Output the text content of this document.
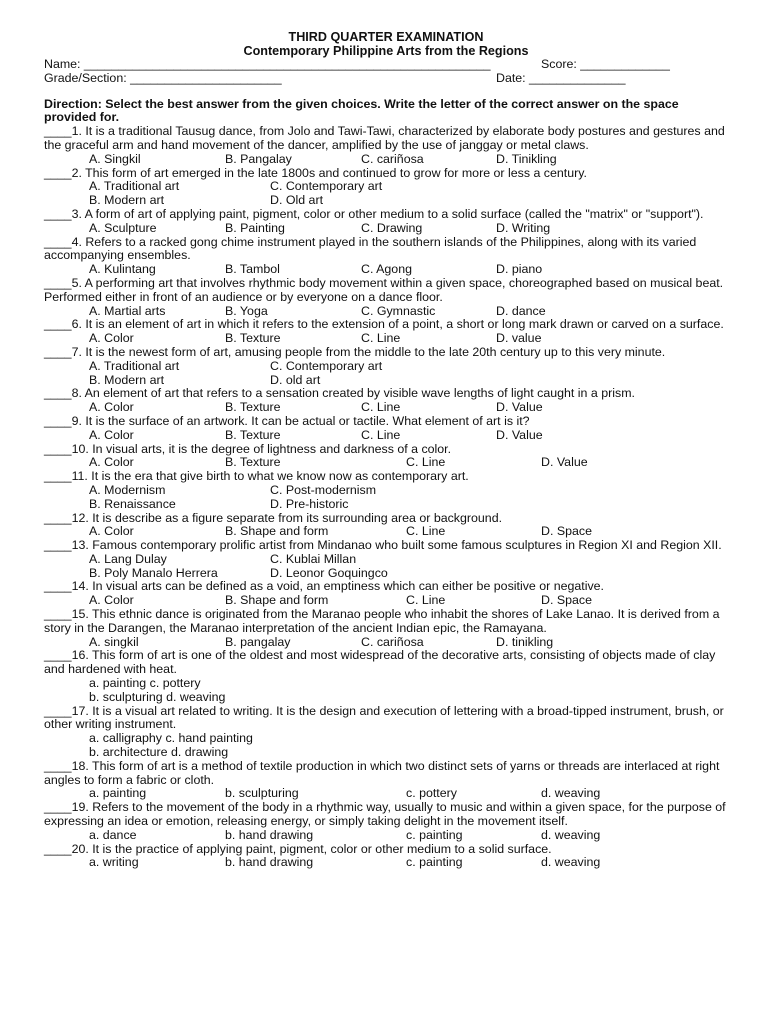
THIRD QUARTER EXAMINATION
Contemporary Philippine Arts from the Regions
Name: ___________________________________________________________	Score: _____________
Grade/Section: ______________________	Date: ______________
Direction: Select the best answer from the given choices. Write the letter of the correct answer on the space provided for.
____1. It is a traditional Tausug dance, from Jolo and Tawi-Tawi, characterized by elaborate body postures and gestures and the graceful arm and hand movement of the dancer, amplified by the use of janggay or metal claws.
A. Singkil	B. Pangalay	C. cariñosa	D. Tinikling
____2. This form of art emerged in the late 1800s and continued to grow for more or less a century.
A. Traditional art	C. Contemporary art
B. Modern art	D. Old art
____3. A form of art of applying paint, pigment, color or other medium to a solid surface (called the "matrix" or "support").
A. Sculpture	B. Painting	C. Drawing	D. Writing
____4. Refers to a racked gong chime instrument played in the southern islands of the Philippines, along with its varied accompanying ensembles.
A. Kulintang	B. Tambol	C. Agong	D. piano
____5. A performing art that involves rhythmic body movement within a given space, choreographed based on musical beat. Performed either in front of an audience or by everyone on a dance floor.
A. Martial arts	B. Yoga	C. Gymnastic	D. dance
____6. It is an element of art in which it refers to the extension of a point, a short or long mark drawn or carved on a surface.
A. Color	B. Texture	C. Line	D. value
____7. It is the newest form of art, amusing people from the middle to the late 20th century up to this very minute.
A. Traditional art	C. Contemporary art
B. Modern art	D. old art
____8. An element of art that refers to a sensation created by visible wave lengths of light caught in a prism.
A. Color	B. Texture	C. Line	D. Value
____9. It is the surface of an artwork. It can be actual or tactile. What element of art is it?
A. Color	B. Texture	C. Line	D. Value
____10. In visual arts, it is the degree of lightness and darkness of a color.
A. Color	B. Texture	C. Line	D. Value
____11. It is the era that give birth to what we know now as contemporary art.
A. Modernism	C. Post-modernism
B. Renaissance	D. Pre-historic
____12. It is describe as a figure separate from its surrounding area or background.
A. Color	B. Shape and form	C. Line	D. Space
____13. Famous contemporary prolific artist from Mindanao who built some famous sculptures in Region XI and Region XII.
A. Lang Dulay	C. Kublai Millan
B. Poly Manalo Herrera	D. Leonor Goquingco
____14. In visual arts can be defined as a void, an emptiness which can either be positive or negative.
A. Color	B. Shape and form	C. Line	D. Space
____15. This ethnic dance is originated from the Maranao people who inhabit the shores of Lake Lanao. It is derived from a story in the Darangen, the Maranao interpretation of the ancient Indian epic, the Ramayana.
A. singkil	B. pangalay	C. cariñosa	D. tinikling
____16. This form of art is one of the oldest and most widespread of the decorative arts, consisting of objects made of clay and hardened with heat.
a. painting c. pottery
b. sculpturing d. weaving
____17. It is a visual art related to writing. It is the design and execution of lettering with a broad-tipped instrument, brush, or other writing instrument.
a. calligraphy c. hand painting
b. architecture d. drawing
____18. This form of art is a method of textile production in which two distinct sets of yarns or threads are interlaced at right angles to form a fabric or cloth.
a. painting	b. sculpturing	c. pottery	d. weaving
____19. Refers to the movement of the body in a rhythmic way, usually to music and within a given space, for the purpose of expressing an idea or emotion, releasing energy, or simply taking delight in the movement itself.
a. dance	b. hand drawing	c. painting	d. weaving
____20. It is the practice of applying paint, pigment, color or other medium to a solid surface.
a. writing	b. hand drawing	c. painting	d. weaving
